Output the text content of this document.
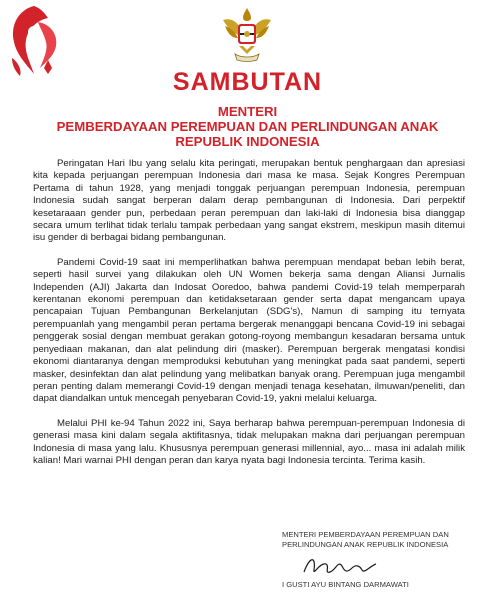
SAMBUTAN
MENTERI
PEMBERDAYAAN PEREMPUAN DAN PERLINDUNGAN ANAK
REPUBLIK INDONESIA

Peringatan Hari Ibu yang selalu kita peringati, merupakan bentuk penghargaan dan apresiasi kita kepada perjuangan perempuan Indonesia dari masa ke masa. Sejak Kongres Perempuan Pertama di tahun 1928, yang menjadi tonggak perjuangan perempuan Indonesia, perempuan Indonesia sudah sangat berperan dalam derap pembangunan di Indonesia. Dari perpektif kesetaraaan gender pun, perbedaan peran perempuan dan laki-laki di Indonesia bisa dianggap secara umum terlihat tidak terlalu tampak perbedaan yang sangat ekstrem, meskipun masih ditemui isu gender di berbagai bidang pembangunan.

Pandemi Covid-19 saat ini memperlihatkan bahwa perempuan mendapat beban lebih berat, seperti hasil survei yang dilakukan oleh UN Women bekerja sama dengan Aliansi Jurnalis Independen (AJI) Jakarta dan Indosat Ooredoo, bahwa pandemi Covid-19 telah memperparah kerentanan ekonomi perempuan dan ketidaksetaraan gender serta dapat mengancam upaya pencapaian Tujuan Pembangunan Berkelanjutan (SDG's), Namun di samping itu ternyata perempuanlah yang mengambil peran pertama bergerak menanggapi bencana Covid-19 ini sebagai penggerak sosial dengan membuat gerakan gotong-royong membangun kesadaran bersama untuk penyediaan makanan, dan alat pelindung diri (masker). Perempuan bergerak mengatasi kondisi ekonomi diantaranya dengan memproduksi kebutuhan yang meningkat pada saat pandemi, seperti masker, desinfektan dan alat pelindung yang melibatkan banyak orang. Perempuan juga mengambil peran penting dalam memerangi Covid-19 dengan menjadi tenaga kesehatan, ilmuwan/peneliti, dan dapat diandalkan untuk mencegah penyebaran Covid-19, yakni melalui keluarga.

Melalui PHI ke-94 Tahun 2022 ini, Saya berharap bahwa perempuan-perempuan Indonesia di generasi masa kini dalam segala aktifitasnya, tidak melupakan makna dari perjuangan perempuan Indonesia di masa yang lalu. Khususnya perempuan generasi millennial, ayo... masa ini adalah milik kalian! Mari warnai PHI dengan peran dan karya nyata bagi Indonesia tercinta. Terima kasih.

MENTERI PEMBERDAYAAN PEREMPUAN DAN
PERLINDUNGAN ANAK REPUBLIK INDONESIA
I GUSTI AYU BINTANG DARMAWATI
